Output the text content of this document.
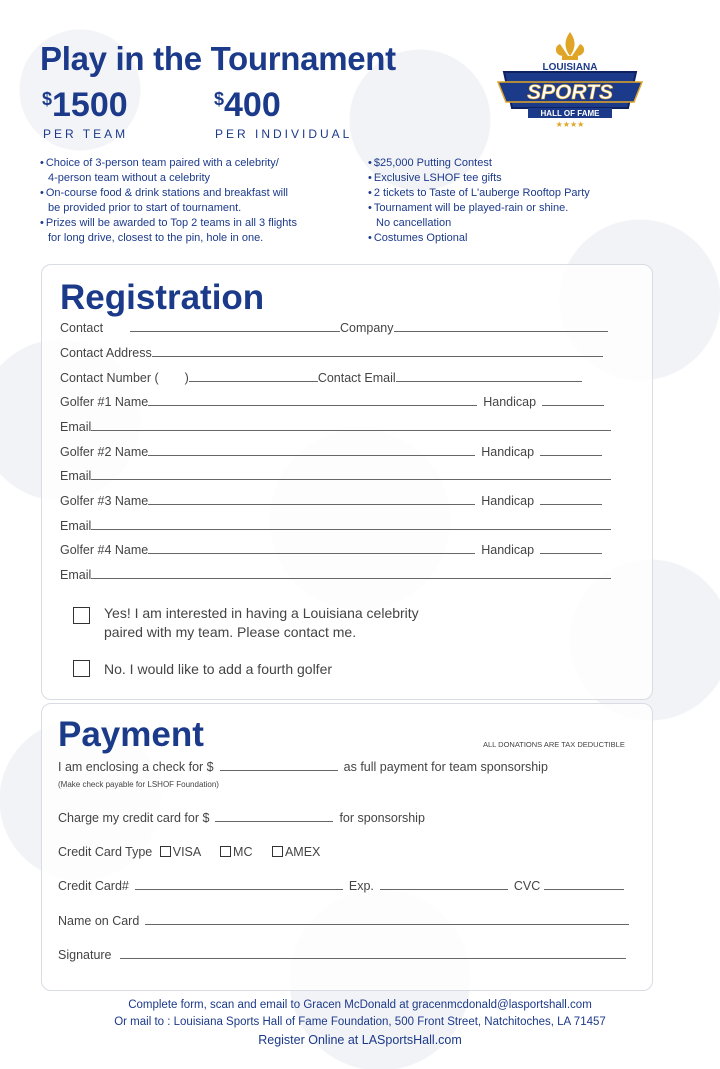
Play in the Tournament
$1500
PER TEAM
$400
PER INDIVIDUAL
• Choice of 3-person team paired with a celebrity/
4-person team without a celebrity
• On-course food & drink stations and breakfast will
be provided prior to start of tournament.
• Prizes will be awarded to Top 2 teams in all 3 flights
for long drive, closest to the pin, hole in one.
• $25,000 Putting Contest
• Exclusive LSHOF tee gifts
• 2 tickets to Taste of L'auberge Rooftop Party
• Tournament will be played-rain or shine.
No cancellation
• Costumes Optional
LOUISIANA
SPORTS
HALL OF FAME
★★★★
Registration
Contact	Company
Contact Address
Contact Number ( )	Contact Email
Golfer #1 Name	Handicap
Email
Golfer #2 Name	Handicap
Email
Golfer #3 Name	Handicap
Email
Golfer #4 Name	Handicap
Email
Yes! I am interested in having a Louisiana celebrity
paired with my team. Please contact me.
No. I would like to add a fourth golfer
Payment	ALL DONATIONS ARE TAX DEDUCTIBLE
I am enclosing a check for $	as full payment for team sponsorship
(Make check payable for LSHOF Foundation)
Charge my credit card for $	for sponsorship
Credit Card Type VISA	MC	AMEX
Credit Card#	Exp.	CVC
Name on Card
Signature
Complete form, scan and email to Gracen McDonald at gracenmcdonald@lasportshall.com
Or mail to : Louisiana Sports Hall of Fame Foundation, 500 Front Street, Natchitoches, LA 71457
Register Online at LASportsHall.com
